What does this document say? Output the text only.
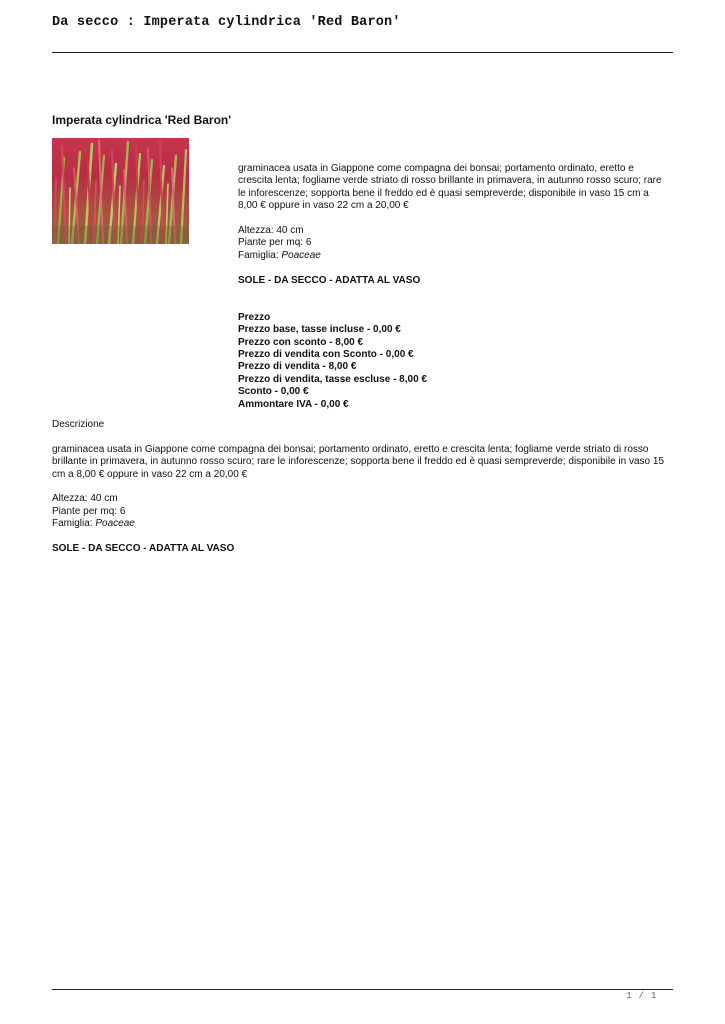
Da secco : Imperata cylindrica 'Red Baron'
Imperata cylindrica 'Red Baron'

graminacea usata in Giappone come compagna dei bonsai; portamento ordinato, eretto e crescita lenta; fogliame verde striato di rosso brillante in primavera, in autunno rosso scuro; rare le inforescenze; sopporta bene il freddo ed è quasi sempreverde; disponibile in vaso 15 cm a 8,00 € oppure in vaso 22 cm a 20,00 €

Altezza: 40 cm

Piante per mq: 6

Famiglia: Poaceae

SOLE - DA SECCO - ADATTA AL VASO

Prezzo
Prezzo base, tasse incluse - 0,00 €
Prezzo con sconto - 8,00 €
Prezzo di vendita con Sconto - 0,00 €
Prezzo di vendita - 8,00 €
Prezzo di vendita, tasse escluse - 8,00 €
Sconto - 0,00 €
Ammontare IVA - 0,00 €

Descrizione

graminacea usata in Giappone come compagna dei bonsai; portamento ordinato, eretto e crescita lenta; fogliame verde striato di rosso brillante in primavera, in autunno rosso scuro; rare le inforescenze; sopporta bene il freddo ed è quasi sempreverde; disponibile in vaso 15 cm a 8,00 € oppure in vaso 22 cm a 20,00 €

Altezza: 40 cm

Piante per mq: 6

Famiglia: Poaceae

SOLE - DA SECCO - ADATTA AL VASO

1 / 1
